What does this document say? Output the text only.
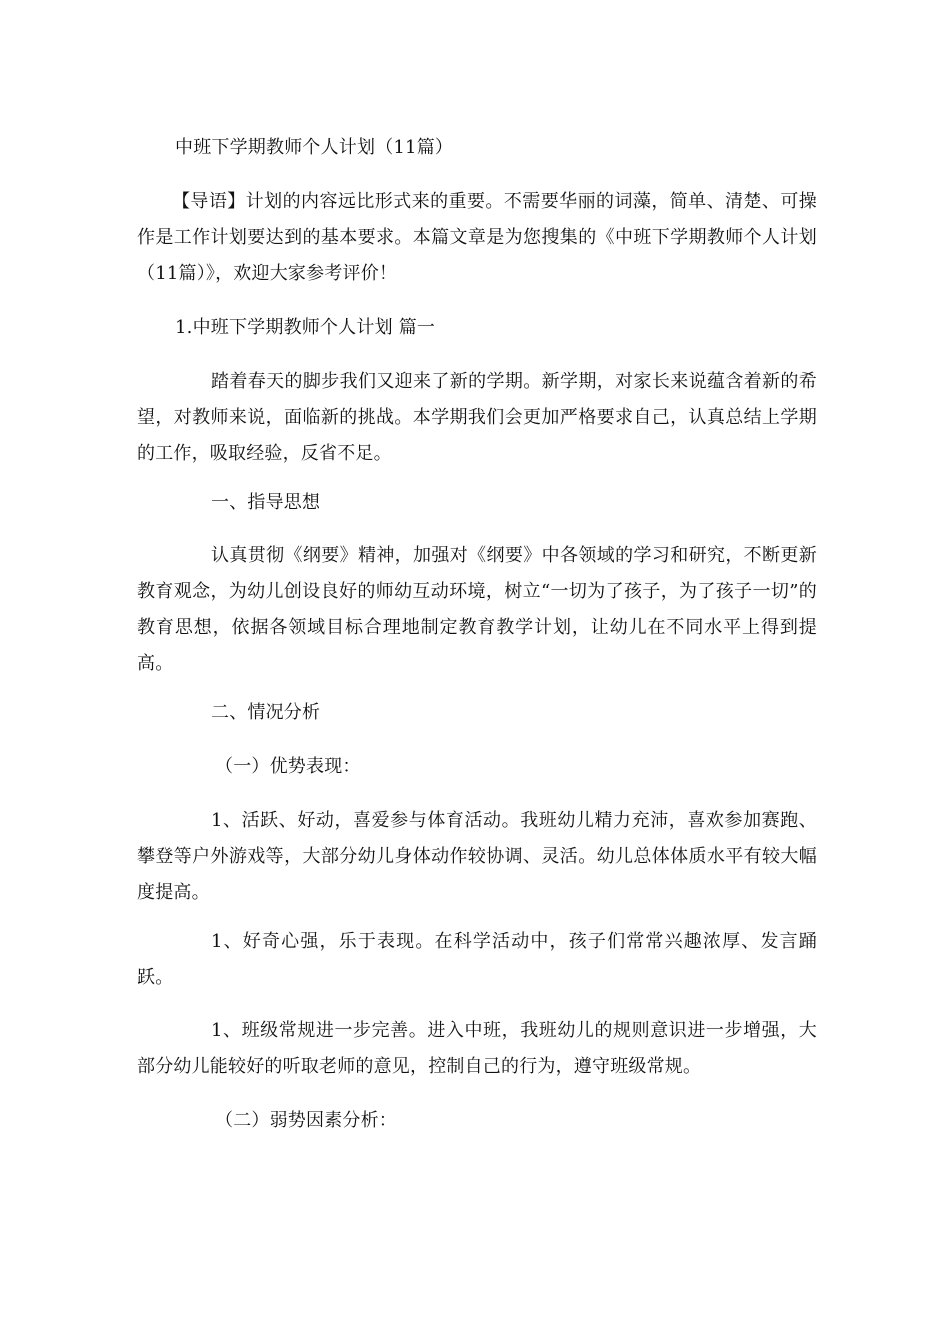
中班下学期教师个人计划（11篇）

【导语】计划的内容远比形式来的重要。不需要华丽的词藻，简单、清楚、可操作是工作计划要达到的基本要求。本篇文章是为您搜集的《中班下学期教师个人计划（11篇）》，欢迎大家参考评价！

1.中班下学期教师个人计划 篇一

踏着春天的脚步我们又迎来了新的学期。新学期，对家长来说蕴含着新的希望，对教师来说，面临新的挑战。本学期我们会更加严格要求自己，认真总结上学期的工作，吸取经验，反省不足。

一、指导思想

认真贯彻《纲要》精神，加强对《纲要》中各领域的学习和研究，不断更新教育观念，为幼儿创设良好的师幼互动环境，树立“一切为了孩子，为了孩子一切”的教育思想，依据各领域目标合理地制定教育教学计划，让幼儿在不同水平上得到提高。

二、情况分析

（一）优势表现：

1、活跃、好动，喜爱参与体育活动。我班幼儿精力充沛，喜欢参加赛跑、攀登等户外游戏等，大部分幼儿身体动作较协调、灵活。幼儿总体体质水平有较大幅度提高。

1、好奇心强，乐于表现。在科学活动中，孩子们常常兴趣浓厚、发言踊跃。

1、班级常规进一步完善。进入中班，我班幼儿的规则意识进一步增强，大部分幼儿能较好的听取老师的意见，控制自己的行为，遵守班级常规。

（二）弱势因素分析：
